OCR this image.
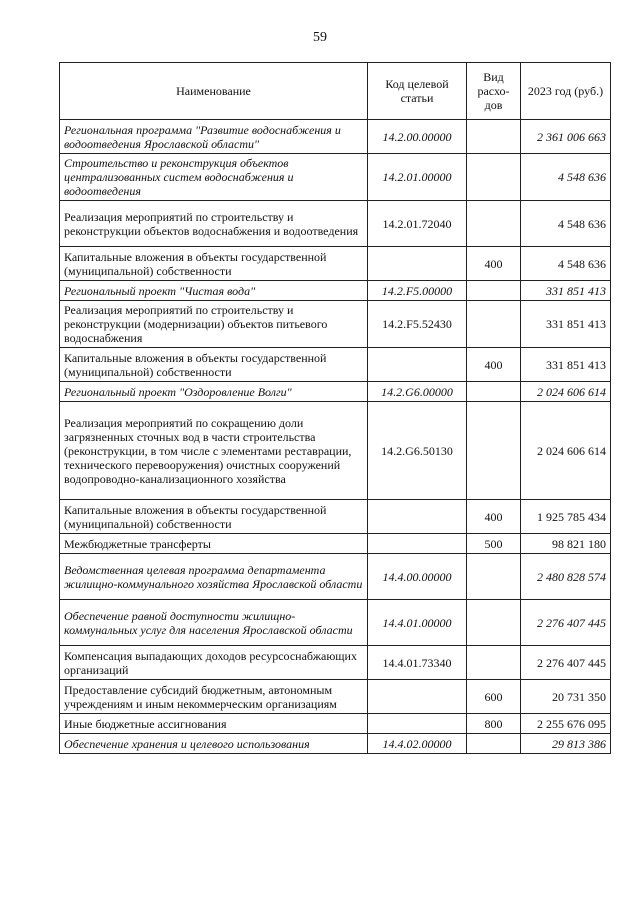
59
Наименование	Код целевой статьи	Вид расхо-дов	2023 год (руб.)
Региональная программа "Развитие водоснабжения и водоотведения Ярославской области"	14.2.00.00000		2 361 006 663
Строительство и реконструкция объектов централизованных систем водоснабжения и водоотведения	14.2.01.00000		4 548 636
Реализация мероприятий по строительству и реконструкции объектов водоснабжения и водоотведения	14.2.01.72040		4 548 636
Капитальные вложения в объекты государственной (муниципальной) собственности		400	4 548 636
Региональный проект "Чистая вода"	14.2.F5.00000		331 851 413
Реализация мероприятий по строительству и реконструкции (модернизации) объектов питьевого водоснабжения	14.2.F5.52430		331 851 413
Капитальные вложения в объекты государственной (муниципальной) собственности		400	331 851 413
Региональный проект "Оздоровление Волги"	14.2.G6.00000		2 024 606 614
Реализация мероприятий по сокращению доли загрязненных сточных вод в части строительства (реконструкции, в том числе с элементами реставрации, технического перевооружения) очистных сооружений водопроводно-канализационного хозяйства	14.2.G6.50130		2 024 606 614
Капитальные вложения в объекты государственной (муниципальной) собственности		400	1 925 785 434
Межбюджетные трансферты		500	98 821 180
Ведомственная целевая программа департамента жилищно-коммунального хозяйства Ярославской области	14.4.00.00000		2 480 828 574
Обеспечение равной доступности жилищно-коммунальных услуг для населения Ярославской области	14.4.01.00000		2 276 407 445
Компенсация выпадающих доходов ресурсоснабжающих организаций	14.4.01.73340		2 276 407 445
Предоставление субсидий бюджетным, автономным учреждениям и иным некоммерческим организациям		600	20 731 350
Иные бюджетные ассигнования		800	2 255 676 095
Обеспечение хранения и целевого использования	14.4.02.00000		29 813 386
